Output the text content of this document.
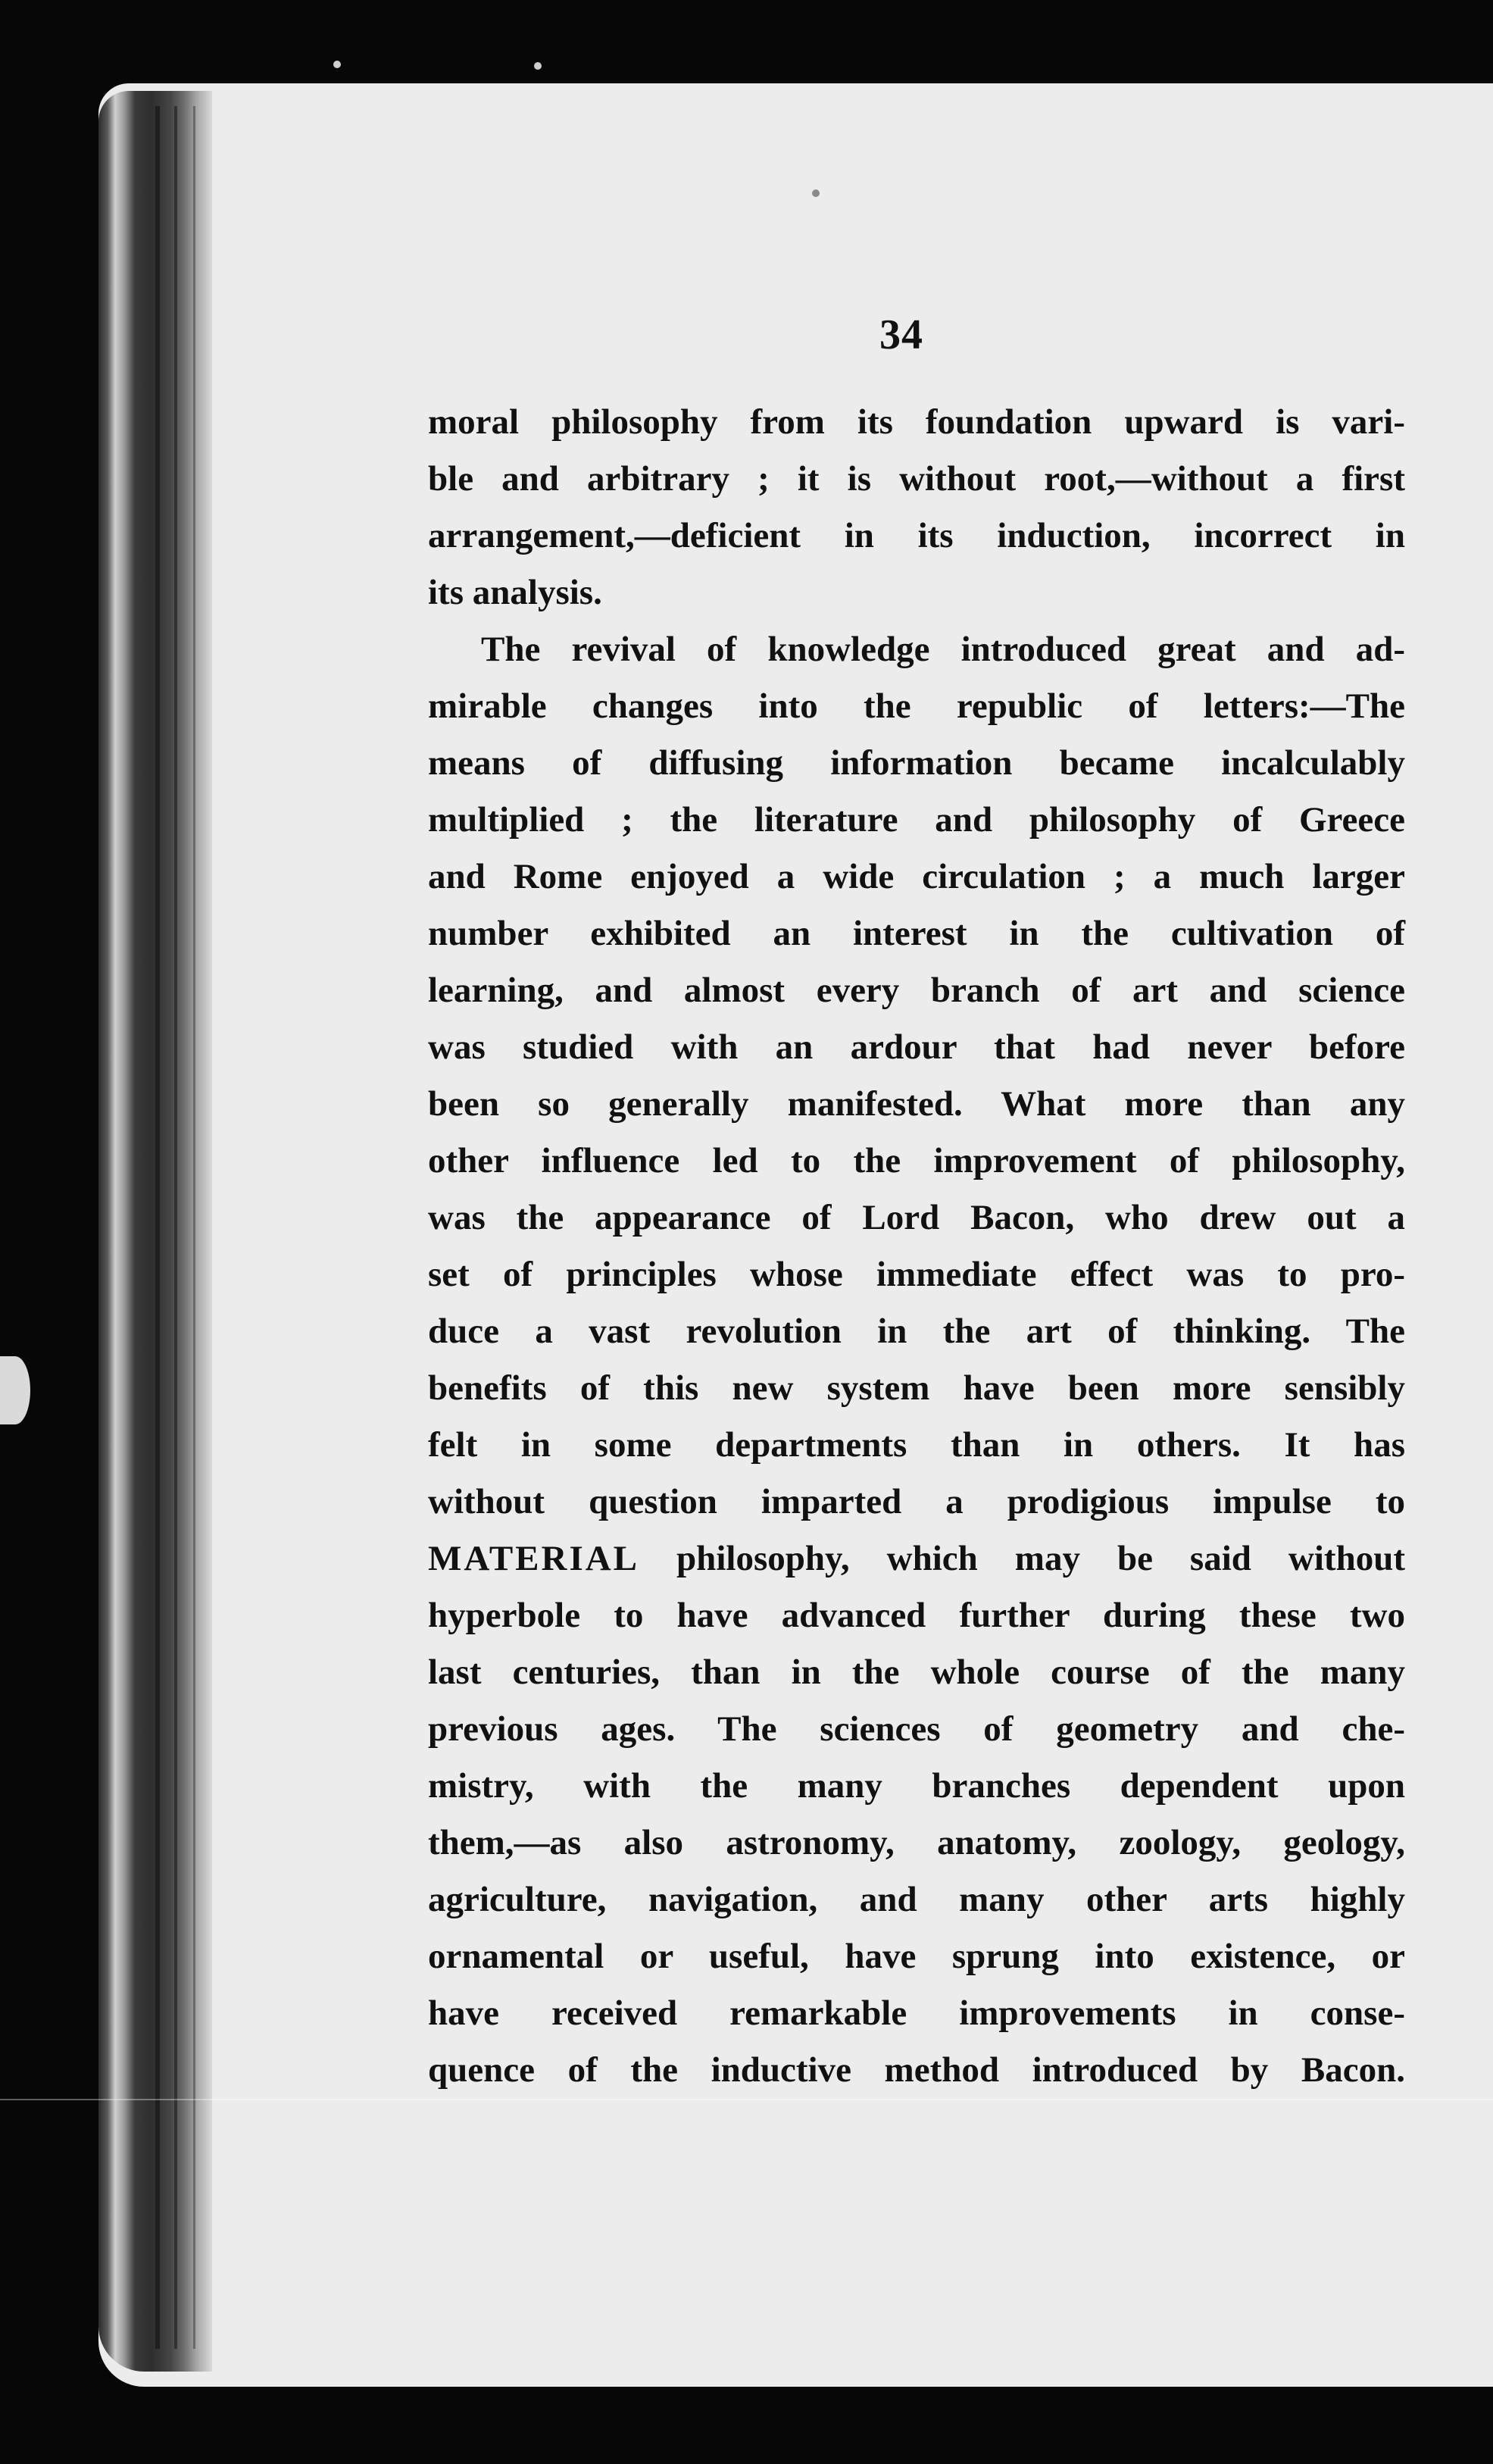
34
moral philosophy from its foundation upward is vari-
ble and arbitrary ; it is without root,—without a first
arrangement,—deficient in its induction, incorrect in
its analysis.
The revival of knowledge introduced great and ad-
mirable changes into the republic of letters:—The
means of diffusing information became incalculably
multiplied ; the literature and philosophy of Greece
and Rome enjoyed a wide circulation ; a much larger
number exhibited an interest in the cultivation of
learning, and almost every branch of art and science
was studied with an ardour that had never before
been so generally manifested. What more than any
other influence led to the improvement of philosophy,
was the appearance of Lord Bacon, who drew out a
set of principles whose immediate effect was to pro-
duce a vast revolution in the art of thinking. The
benefits of this new system have been more sensibly
felt in some departments than in others. It has
without question imparted a prodigious impulse to
MATERIAL philosophy, which may be said without
hyperbole to have advanced further during these two
last centuries, than in the whole course of the many
previous ages. The sciences of geometry and che-
mistry, with the many branches dependent upon
them,—as also astronomy, anatomy, zoology, geology,
agriculture, navigation, and many other arts highly
ornamental or useful, have sprung into existence, or
have received remarkable improvements in conse-
quence of the inductive method introduced by Bacon.
